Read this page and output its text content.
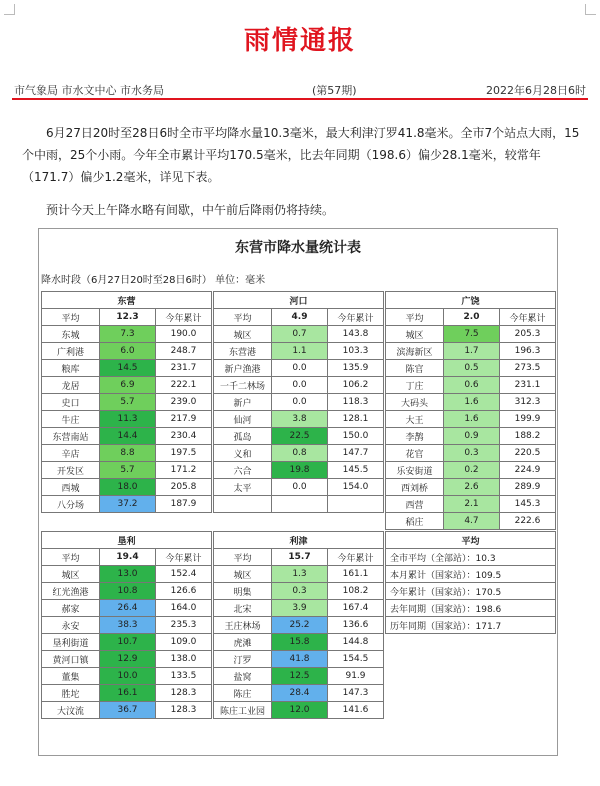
雨情通报
市气象局 市水文中心 市水务局	(第57期)	2022年6月28日6时
6月27日20时至28日6时全市平均降水量10.3毫米，最大利津汀罗41.8毫米。全市7个站点大雨，15个中雨，25个小雨。今年全市累计平均170.5毫米，比去年同期（198.6）偏少28.1毫米，较常年（171.7）偏少1.2毫米，详见下表。
预计今天上午降水略有间歇，中午前后降雨仍将持续。
东营市降水量统计表
降水时段（6月27日20时至28日6时） 单位：毫米
东营		
平均	12.3	今年累计
东城	7.3	190.0
广利港	6.0	248.7
粮库	14.5	231.7
龙居	6.9	222.1
史口	5.7	239.0
牛庄	11.3	217.9
东营南站	14.4	230.4
辛店	8.8	197.5
开发区	5.7	171.2
西城	18.0	205.8
八分场	37.2	187.9
河口		
平均	4.9	今年累计
城区	0.7	143.8
东营港	1.1	103.3
新户渔港	0.0	135.9
一千二林场	0.0	106.2
新户	0.0	118.3
仙河	3.8	128.1
孤岛	22.5	150.0
义和	0.8	147.7
六合	19.8	145.5
太平	0.0	154.0

广饶		
平均	2.0	今年累计
城区	7.5	205.3
滨海新区	1.7	196.3
陈官	0.5	273.5
丁庄	0.6	231.1
大码头	1.6	312.3
大王	1.6	199.9
李鹊	0.9	188.2
花官	0.3	220.5
乐安街道	0.2	224.9
西刘桥	2.6	289.9
西营	2.1	145.3
稻庄	4.7	222.6
垦利		
平均	19.4	今年累计
城区	13.0	152.4
红光渔港	10.8	126.6
郝家	26.4	164.0
永安	38.3	235.3
垦利街道	10.7	109.0
黄河口镇	12.9	138.0
董集	10.0	133.5
胜坨	16.1	128.3
大汶流	36.7	128.3
利津		
平均	15.7	今年累计
城区	1.3	161.1
明集	0.3	108.2
北宋	3.9	167.4
王庄林场	25.2	136.6
虎滩	15.8	144.8
汀罗	41.8	154.5
盐窝	12.5	91.9
陈庄	28.4	147.3
陈庄工业园	12.0	141.6
平均
全市平均（全部站）：10.3
本月累计（国家站）：109.5
今年累计（国家站）：170.5
去年同期（国家站）：198.6
历年同期（国家站）：171.7
